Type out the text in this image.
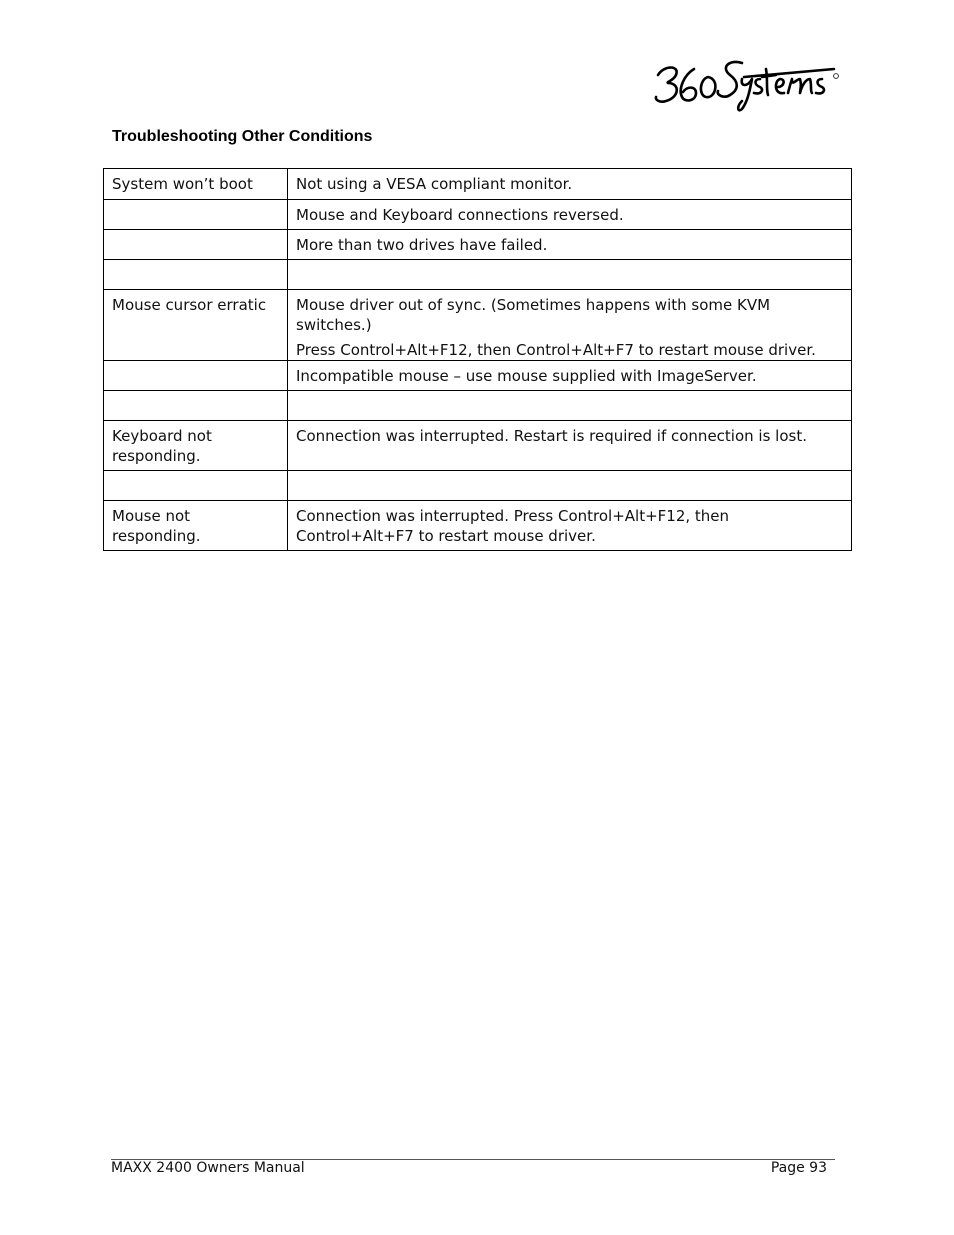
Troubleshooting Other Conditions
System won’t boot	Not using a VESA compliant monitor.
	Mouse and Keyboard connections reversed.
	More than two drives have failed.

Mouse cursor erratic	Mouse driver out of sync. (Sometimes happens with some KVM switches.)
Press Control+Alt+F12, then Control+Alt+F7 to restart mouse driver.

	Incompatible mouse – use mouse supplied with ImageServer.

Keyboard not responding.	Connection was interrupted. Restart is required if connection is lost.

Mouse not responding.	Connection was interrupted. Press Control+Alt+F12, then Control+Alt+F7 to restart mouse driver.
MAXX 2400 Owners Manual	Page 93
